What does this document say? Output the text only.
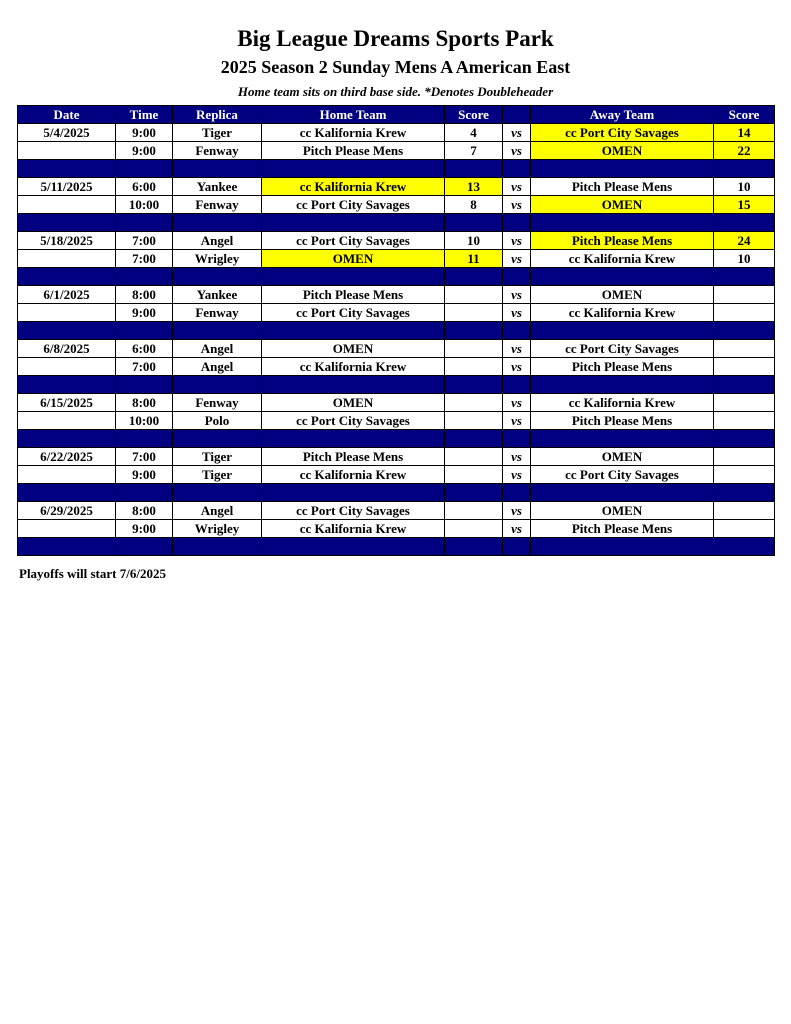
Big League Dreams Sports Park
2025 Season 2 Sunday Mens A American East
Home team sits on third base side. *Denotes Doubleheader
Date	Time	Replica	Home Team	Score		Away Team	Score
5/4/2025	9:00	Tiger	cc Kalifornia Krew	4	vs	cc Port City Savages	14
	9:00	Fenway	Pitch Please Mens	7	vs	OMEN	22

5/11/2025	6:00	Yankee	cc Kalifornia Krew	13	vs	Pitch Please Mens	10
	10:00	Fenway	cc Port City Savages	8	vs	OMEN	15

5/18/2025	7:00	Angel	cc Port City Savages	10	vs	Pitch Please Mens	24
	7:00	Wrigley	OMEN	11	vs	cc Kalifornia Krew	10

6/1/2025	8:00	Yankee	Pitch Please Mens		vs	OMEN	
	9:00	Fenway	cc Port City Savages		vs	cc Kalifornia Krew	

6/8/2025	6:00	Angel	OMEN		vs	cc Port City Savages	
	7:00	Angel	cc Kalifornia Krew		vs	Pitch Please Mens	

6/15/2025	8:00	Fenway	OMEN		vs	cc Kalifornia Krew	
	10:00	Polo	cc Port City Savages		vs	Pitch Please Mens	

6/22/2025	7:00	Tiger	Pitch Please Mens		vs	OMEN	
	9:00	Tiger	cc Kalifornia Krew		vs	cc Port City Savages	

6/29/2025	8:00	Angel	cc Port City Savages		vs	OMEN	
	9:00	Wrigley	cc Kalifornia Krew		vs	Pitch Please Mens	

Playoffs will start 7/6/2025
